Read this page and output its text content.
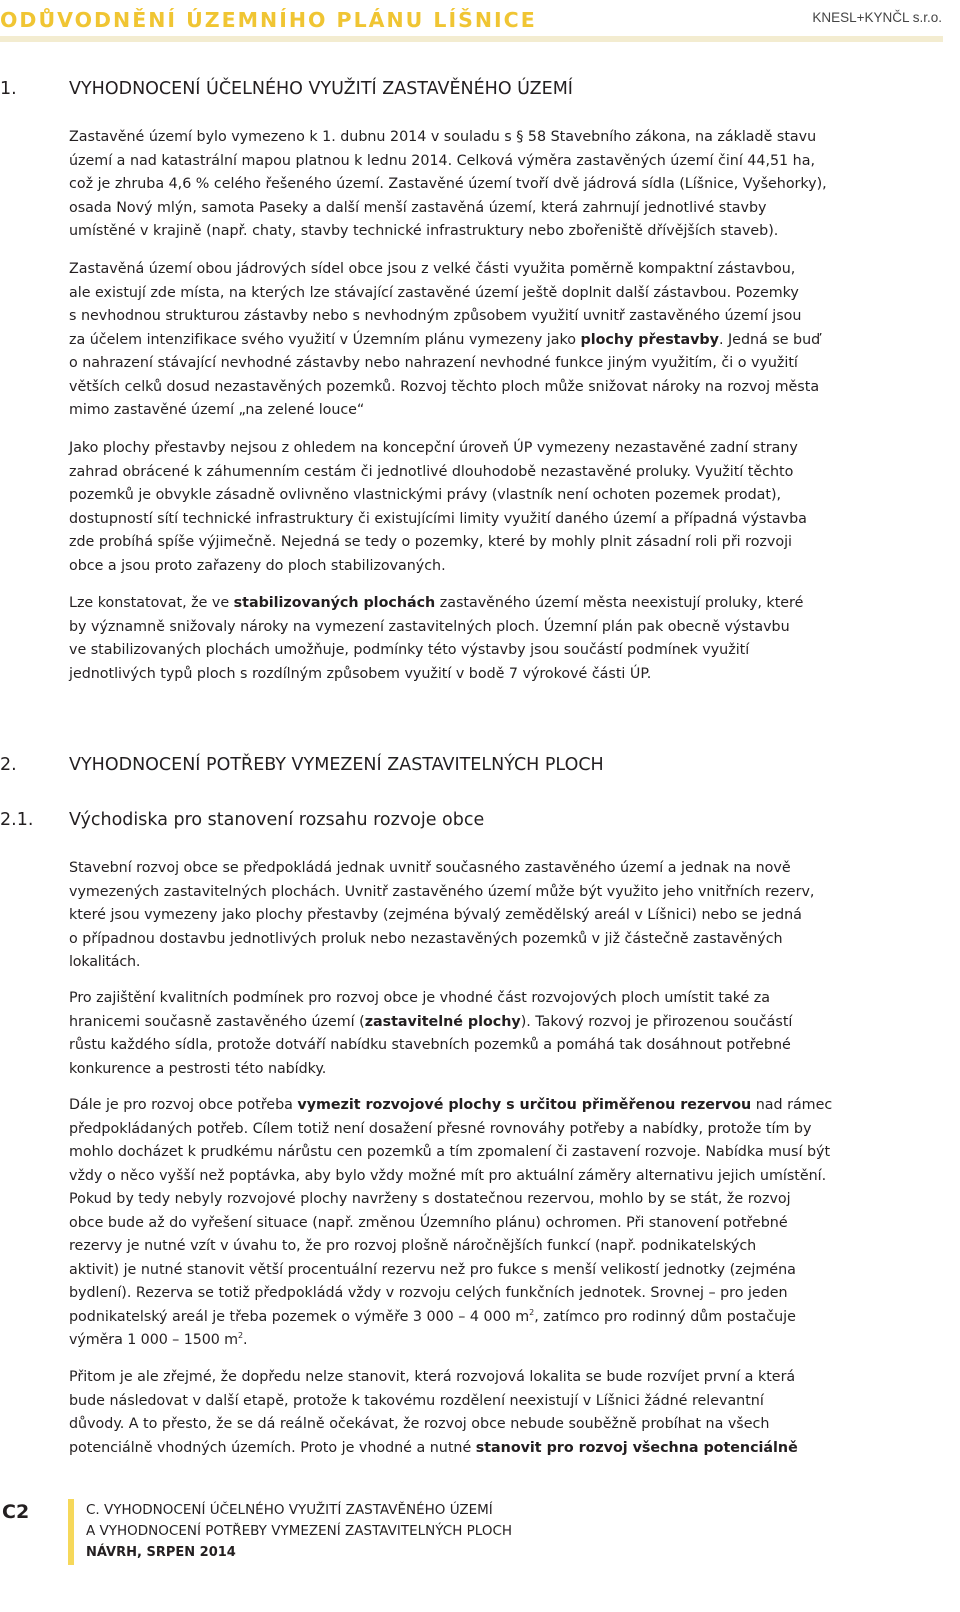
ODŮVODNĚNÍ ÚZEMNÍHO PLÁNU LÍŠNICE	KNESL+KYNČL s.r.o.
1.	VYHODNOCENÍ ÚČELNÉHO VYUŽITÍ ZASTAVĚNÉHO ÚZEMÍ
Zastavěné území bylo vymezeno k 1. dubnu 2014 v souladu s § 58 Stavebního zákona, na základě stavu
území a nad katastrální mapou platnou k lednu 2014. Celková výměra zastavěných území činí 44,51 ha,
což je zhruba 4,6 % celého řešeného území. Zastavěné území tvoří dvě jádrová sídla (Líšnice, Vyšehorky),
osada Nový mlýn, samota Paseky a další menší zastavěná území, která zahrnují jednotlivé stavby
umístěné v krajině (např. chaty, stavby technické infrastruktury nebo zbořeniště dřívějších staveb).
Zastavěná území obou jádrových sídel obce jsou z velké části využita poměrně kompaktní zástavbou,
ale existují zde místa, na kterých lze stávající zastavěné území ještě doplnit další zástavbou. Pozemky
s nevhodnou strukturou zástavby nebo s nevhodným způsobem využití uvnitř zastavěného území jsou
za účelem intenzifikace svého využití v Územním plánu vymezeny jako plochy přestavby. Jedná se buď
o nahrazení stávající nevhodné zástavby nebo nahrazení nevhodné funkce jiným využitím, či o využití
větších celků dosud nezastavěných pozemků. Rozvoj těchto ploch může snižovat nároky na rozvoj města
mimo zastavěné území „na zelené louce“
Jako plochy přestavby nejsou z ohledem na koncepční úroveň ÚP vymezeny nezastavěné zadní strany
zahrad obrácené k záhumenním cestám či jednotlivé dlouhodobě nezastavěné proluky. Využití těchto
pozemků je obvykle zásadně ovlivněno vlastnickými právy (vlastník není ochoten pozemek prodat),
dostupností sítí technické infrastruktury či existujícími limity využití daného území a případná výstavba
zde probíhá spíše výjimečně. Nejedná se tedy o pozemky, které by mohly plnit zásadní roli při rozvoji
obce a jsou proto zařazeny do ploch stabilizovaných.
Lze konstatovat, že ve stabilizovaných plochách zastavěného území města neexistují proluky, které
by významně snižovaly nároky na vymezení zastavitelných ploch. Územní plán pak obecně výstavbu
ve stabilizovaných plochách umožňuje, podmínky této výstavby jsou součástí podmínek využití
jednotlivých typů ploch s rozdílným způsobem využití v bodě 7 výrokové části ÚP.
2.	VYHODNOCENÍ POTŘEBY VYMEZENÍ ZASTAVITELNÝCH PLOCH
2.1. Východiska pro stanovení rozsahu rozvoje obce
Stavební rozvoj obce se předpokládá jednak uvnitř současného zastavěného území a jednak na nově
vymezených zastavitelných plochách. Uvnitř zastavěného území může být využito jeho vnitřních rezerv,
které jsou vymezeny jako plochy přestavby (zejména bývalý zemědělský areál v Líšnici) nebo se jedná
o případnou dostavbu jednotlivých proluk nebo nezastavěných pozemků v již částečně zastavěných
lokalitách.
Pro zajištění kvalitních podmínek pro rozvoj obce je vhodné část rozvojových ploch umístit také za
hranicemi současně zastavěného území (zastavitelné plochy). Takový rozvoj je přirozenou součástí
růstu každého sídla, protože dotváří nabídku stavebních pozemků a pomáhá tak dosáhnout potřebné
konkurence a pestrosti této nabídky.
Dále je pro rozvoj obce potřeba vymezit rozvojové plochy s určitou přiměřenou rezervou nad rámec
předpokládaných potřeb. Cílem totiž není dosažení přesné rovnováhy potřeby a nabídky, protože tím by
mohlo docházet k prudkému nárůstu cen pozemků a tím zpomalení či zastavení rozvoje. Nabídka musí být
vždy o něco vyšší než poptávka, aby bylo vždy možné mít pro aktuální záměry alternativu jejich umístění.
Pokud by tedy nebyly rozvojové plochy navrženy s dostatečnou rezervou, mohlo by se stát, že rozvoj
obce bude až do vyřešení situace (např. změnou Územního plánu) ochromen. Při stanovení potřebné
rezervy je nutné vzít v úvahu to, že pro rozvoj plošně náročnějších funkcí (např. podnikatelských
aktivit) je nutné stanovit větší procentuální rezervu než pro fukce s menší velikostí jednotky (zejména
bydlení). Rezerva se totiž předpokládá vždy v rozvoju celých funkčních jednotek. Srovnej – pro jeden
podnikatelský areál je třeba pozemek o výměře 3 000 – 4 000 $m^2$, zatímco pro rodinný dům postačuje
výměra 1 000 – 1500 $m^2$.
Přitom je ale zřejmé, že dopředu nelze stanovit, která rozvojová lokalita se bude rozvíjet první a která
bude následovat v další etapě, protože k takovému rozdělení neexistují v Líšnici žádné relevantní
důvody. A to přesto, že se dá reálně očekávat, že rozvoj obce nebude souběžně probíhat na všech
potenciálně vhodných územích. Proto je vhodné a nutné stanovit pro rozvoj všechna potenciálně
C2	C. VYHODNOCENÍ ÚČELNÉHO VYUŽITÍ ZASTAVĚNÉHO ÚZEMÍ
A VYHODNOCENÍ POTŘEBY VYMEZENÍ ZASTAVITELNÝCH PLOCH
NÁVRH, SRPEN 2014
